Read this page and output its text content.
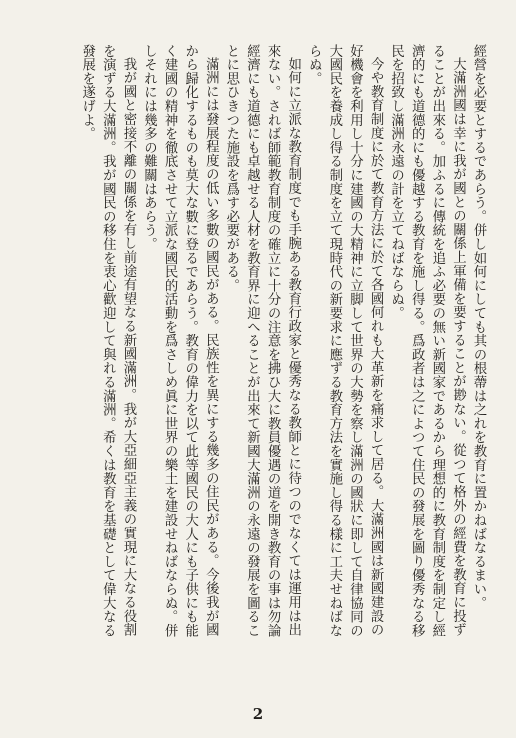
經營を必要とするであらう。併し如何にしても其の根蔕は之れを教育に置かねばなるまい。

大滿洲國は幸に我が國との關係上軍備を要することが尠ない。從つて格外の經費を教育に投ずることが出來る。加ふるに傳統を追ふ必要の無い新國家であるから理想的に教育制度を制定し經濟的にも道德的にも優越する教育を施し得る。爲政者は之によつて住民の發展を圖り優秀なる移民を招致し滿洲永遠の計を立てねばならぬ。

今や教育制度に於て教育方法に於て各國何れも大革新を痛求して居る。大滿洲國は新國建設の好機會を利用し十分に建國の大精神に立脚して世界の大勢を察し滿洲の國狀に即して自律協同の大國民を養成し得る制度を立て現時代の新要求に應ずる教育方法を實施し得る樣に工夫せねばならぬ。

如何に立派な教育制度でも手腕ある教育行政家と優秀なる教師とに待つのでなくては運用は出來ない。されば師範教育制度の確立に十分の注意を拂ひ大に教員優遇の道を開き教育の事は勿論經濟にも道德にも卓越せる人材を教育界に迎へることが出來て新國大滿洲の永遠の發展を圖ることに思ひきつた施設を爲す必要がある。

滿洲には發展程度の低い多數の國民がある。民族性を異にする幾多の住民がある。今後我が國から歸化するものも莫大な數に登るであらう。教育の偉力を以て此等國民の大人にも子供にも能く建國の精神を徹底させて立派な國民的活動を爲さしめ眞に世界の樂土を建設せねばならぬ。併しそれには幾多の難關はあらう。

我が國と密接不離の關係を有し前途有望なる新國滿洲。我が大亞細亞主義の實現に大なる役割を演ずる大滿洲。我が國民の移住を衷心歡迎して與れる滿洲。希くは教育を基礎として偉大なる發展を遂げよ。

2
